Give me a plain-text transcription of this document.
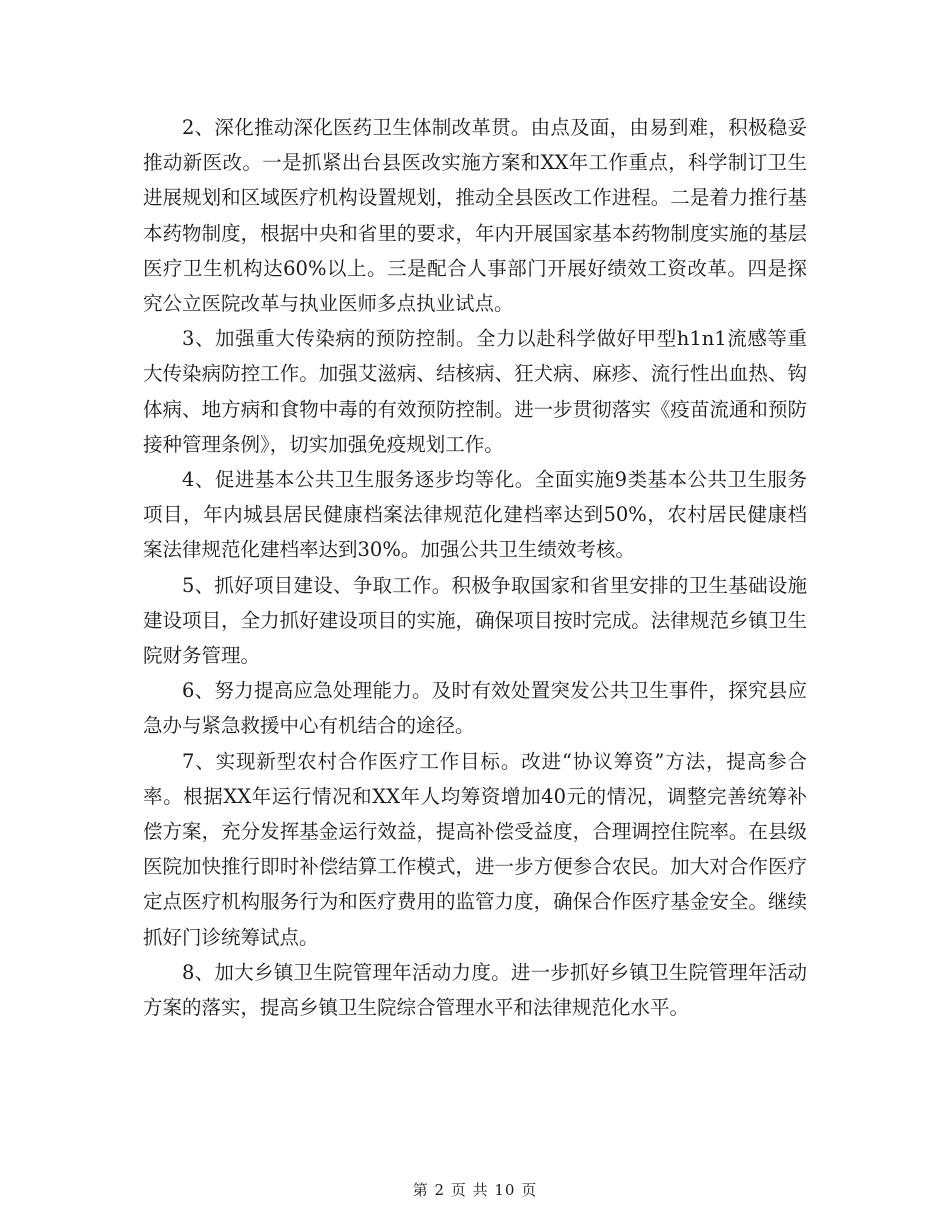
2、深化推动深化医药卫生体制改革贯。由点及面，由易到难，积极稳妥推动新医改。一是抓紧出台县医改实施方案和XX年工作重点，科学制订卫生进展规划和区域医疗机构设置规划，推动全县医改工作进程。二是着力推行基本药物制度，根据中央和省里的要求，年内开展国家基本药物制度实施的基层医疗卫生机构达60%以上。三是配合人事部门开展好绩效工资改革。四是探究公立医院改革与执业医师多点执业试点。

3、加强重大传染病的预防控制。全力以赴科学做好甲型h1n1流感等重大传染病防控工作。加强艾滋病、结核病、狂犬病、麻疹、流行性出血热、钩体病、地方病和食物中毒的有效预防控制。进一步贯彻落实《疫苗流通和预防接种管理条例》，切实加强免疫规划工作。

4、促进基本公共卫生服务逐步均等化。全面实施9类基本公共卫生服务项目，年内城县居民健康档案法律规范化建档率达到50%，农村居民健康档案法律规范化建档率达到30%。加强公共卫生绩效考核。

5、抓好项目建设、争取工作。积极争取国家和省里安排的卫生基础设施建设项目，全力抓好建设项目的实施，确保项目按时完成。法律规范乡镇卫生院财务管理。

6、努力提高应急处理能力。及时有效处置突发公共卫生事件，探究县应急办与紧急救援中心有机结合的途径。

7、实现新型农村合作医疗工作目标。改进“协议筹资”方法，提高参合率。根据XX年运行情况和XX年人均筹资增加40元的情况，调整完善统筹补偿方案，充分发挥基金运行效益，提高补偿受益度，合理调控住院率。在县级医院加快推行即时补偿结算工作模式，进一步方便参合农民。加大对合作医疗定点医疗机构服务行为和医疗费用的监管力度，确保合作医疗基金安全。继续抓好门诊统筹试点。

8、加大乡镇卫生院管理年活动力度。进一步抓好乡镇卫生院管理年活动方案的落实，提高乡镇卫生院综合管理水平和法律规范化水平。

第 2 页 共 10 页
